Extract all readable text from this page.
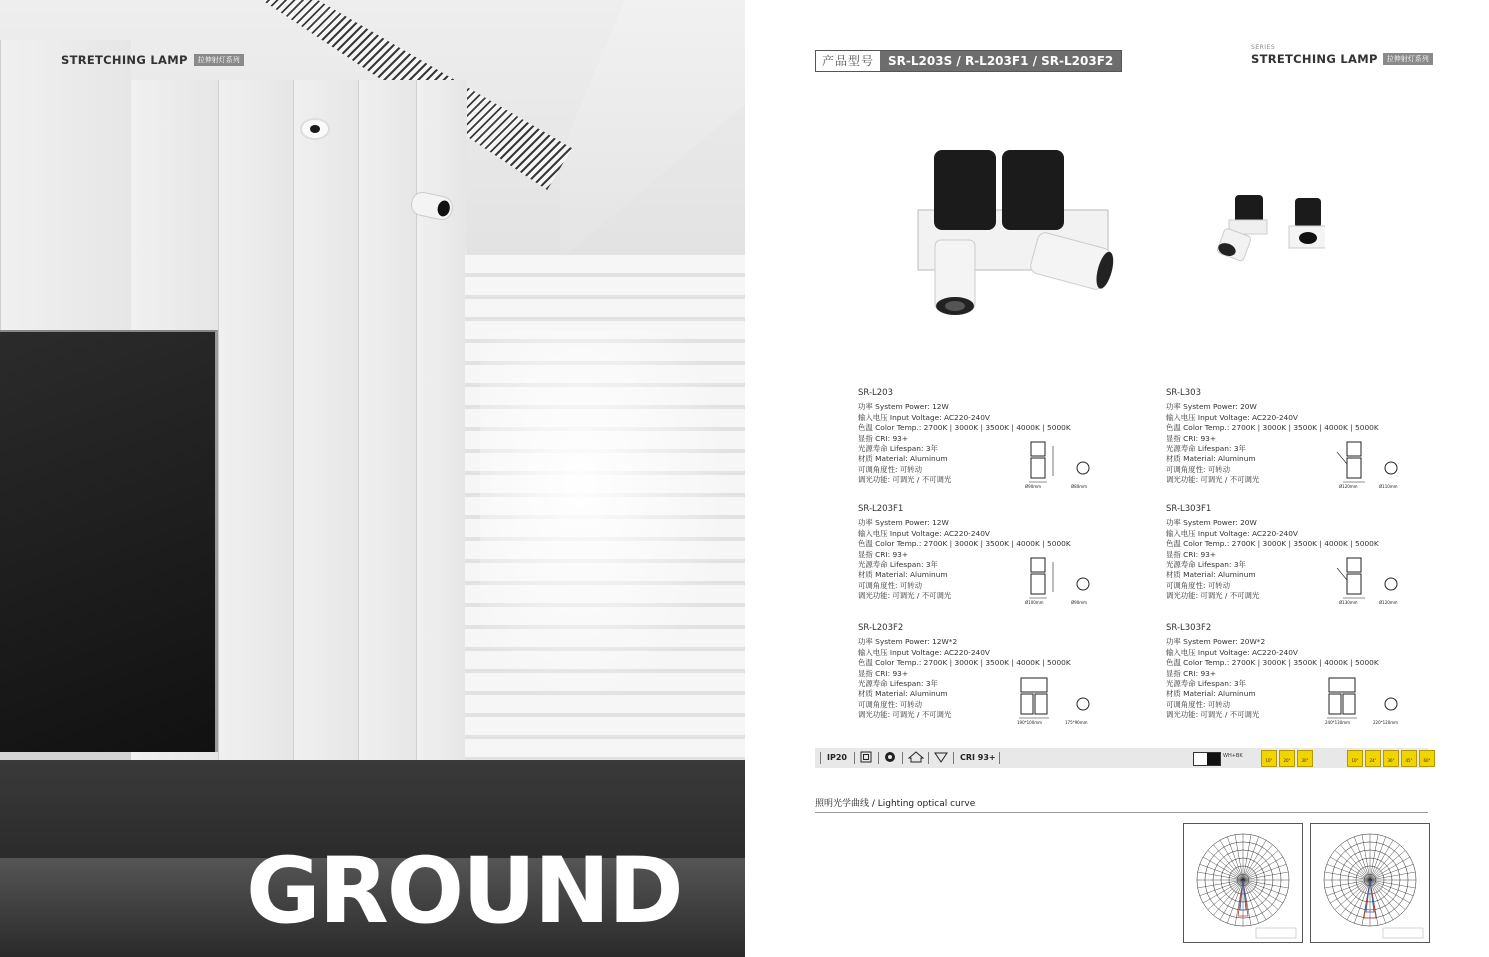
STRETCHING LAMP	拉伸射灯系列
GROUND
产品型号	SR-L203S / R-L203F1 / SR-L203F2
SERIES
STRETCHING LAMP	拉伸射灯系列
SR-L203
功率 System Power: 12W
输入电压 Input Voltage: AC220-240V
色温 Color Temp.: 2700K | 3000K | 3500K | 4000K | 5000K
显指 CRI: 93+
光源寿命 Lifespan: 3年
材质 Material: Aluminum
可调角度性: 可转动
调光功能: 可调光 / 不可调光
SR-L303
功率 System Power: 20W
输入电压 Input Voltage: AC220-240V
色温 Color Temp.: 2700K | 3000K | 3500K | 4000K | 5000K
显指 CRI: 93+
光源寿命 Lifespan: 3年
材质 Material: Aluminum
可调角度性: 可转动
调光功能: 可调光 / 不可调光
SR-L203F1
功率 System Power: 12W
输入电压 Input Voltage: AC220-240V
色温 Color Temp.: 2700K | 3000K | 3500K | 4000K | 5000K
显指 CRI: 93+
光源寿命 Lifespan: 3年
材质 Material: Aluminum
可调角度性: 可转动
调光功能: 可调光 / 不可调光
SR-L303F1
功率 System Power: 20W
输入电压 Input Voltage: AC220-240V
色温 Color Temp.: 2700K | 3000K | 3500K | 4000K | 5000K
显指 CRI: 93+
光源寿命 Lifespan: 3年
材质 Material: Aluminum
可调角度性: 可转动
调光功能: 可调光 / 不可调光
SR-L203F2
功率 System Power: 12W*2
输入电压 Input Voltage: AC220-240V
色温 Color Temp.: 2700K | 3000K | 3500K | 4000K | 5000K
显指 CRI: 93+
光源寿命 Lifespan: 3年
材质 Material: Aluminum
可调角度性: 可转动
调光功能: 可调光 / 不可调光
SR-L303F2
功率 System Power: 20W*2
输入电压 Input Voltage: AC220-240V
色温 Color Temp.: 2700K | 3000K | 3500K | 4000K | 5000K
显指 CRI: 93+
光源寿命 Lifespan: 3年
材质 Material: Aluminum
可调角度性: 可转动
调光功能: 可调光 / 不可调光
Ø90mm	Ø80mm	Ø120mm	Ø110mm
Ø100mm	Ø90mm	Ø130mm	Ø120mm
190*100mm	175*90mm	240*130mm	220*120mm
IP20	CRI 93+	WH+BK
10°	20°	30°	10°	24°	36°	45°	60°
照明光学曲线 / Lighting optical curve
